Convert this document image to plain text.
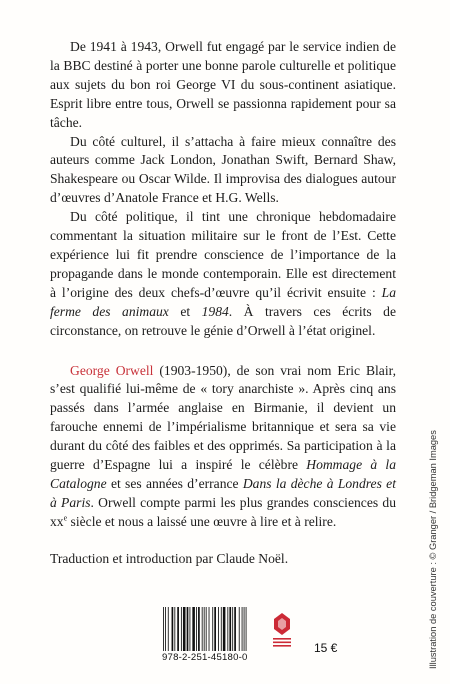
De 1941 à 1943, Orwell fut engagé par le service indien de la BBC destiné à porter une bonne parole culturelle et politique aux sujets du bon roi George VI du sous-continent asiatique. Esprit libre entre tous, Orwell se passionna rapidement pour sa tâche.

Du côté culturel, il s’attacha à faire mieux connaître des auteurs comme Jack London, Jonathan Swift, Bernard Shaw, Shakespeare ou Oscar Wilde. Il improvisa des dialogues autour d’œuvres d’Anatole France et H.G. Wells.

Du côté politique, il tint une chronique hebdomadaire commentant la situation militaire sur le front de l’Est. Cette expérience lui fit prendre conscience de l’importance de la propagande dans le monde contemporain. Elle est directement à l’origine des deux chefs-d’œuvre qu’il écrivit ensuite : La ferme des animaux et 1984. À travers ces écrits de circonstance, on retrouve le génie d’Orwell à l’état originel.

George Orwell (1903-1950), de son vrai nom Eric Blair, s’est qualifié lui-même de « tory anarchiste ». Après cinq ans passés dans l’armée anglaise en Birmanie, il devient un farouche ennemi de l’impérialisme britannique et sera sa vie durant du côté des faibles et des opprimés. Sa participation à la guerre d’Espagne lui a inspiré le célèbre Hommage à la Catalogne et ses années d’errance Dans la dèche à Londres et à Paris. Orwell compte parmi les plus grandes consciences du $xx^e$ siècle et nous a laissé une œuvre à lire et à relire.

Traduction et introduction par Claude Noël.	Illustration de couverture : © Granger / Bridgeman Images
978-2-251-45180-0
15 €
